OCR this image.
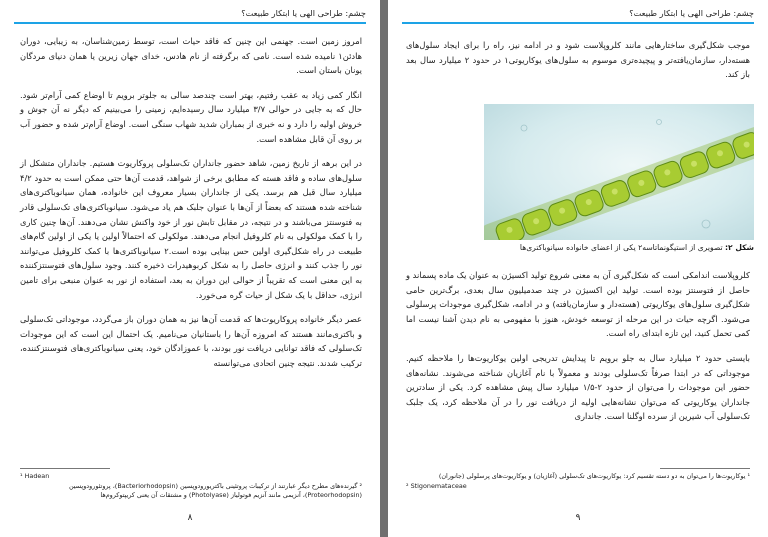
چشم: طراحی الهی یا ابتکار طبیعت؟

امروز زمین است. جهنمی این چنین که فاقد حیات است، توسط زمین‌شناسان، به زیبایی، دوران هادئن۱ نامیده شده است. نامی که برگرفته از نام هادس، خدای جهان زیرین یا همان دنیای مردگان یونان باستان است.

انگار کمی زیاد به عقب رفتیم، بهتر است چندصد سالی به جلوتر برویم تا اوضاع کمی آرام‌تر شود. حال که به جایی در حوالی ۳/۷ میلیارد سال رسیده‌ایم، زمینی را می‌بینیم که دیگر نه آن جوش و خروش اولیه را دارد و نه خبری از بمباران شدید شهاب سنگی است. اوضاع آرام‌تر شده و حضور آب بر روی آن قابل مشاهده است.

در این برهه از تاریخ زمین، شاهد حضور جانداران تک‌سلولی پروکاریوت هستیم. جانداران متشکل از سلول‌های ساده و فاقد هسته که مطابق برخی از شواهد، قدمت آن‌ها حتی ممکن است به حدود ۴/۲ میلیارد سال قبل هم برسد. یکی از جانداران بسیار معروف این خانواده، همان سیانوباکتری‌های شناخته شده هستند که بعضاً از آن‌ها با عنوان جلبک هم یاد می‌شود. سیانوباکتری‌های تک‌سلولی قادر به فتوسنتز می‌باشند و در نتیجه، در مقابل تابش نور از خود واکنش نشان می‌دهند. آن‌ها چنین کاری را با کمک مولکولی به نام کلروفیل انجام می‌دهند. مولکولی که احتمالاً اولین یا یکی از اولین گام‌های طبیعت در راه شکل‌گیری اولین حس بینایی بوده است.۲ سیانوباکتری‌ها با کمک کلروفیل می‌توانند نور را جذب کنند و انرژی حاصل را به شکل کربوهیدرات ذخیره کنند. وجود سلول‌های فتوسنتزکننده به این معنی است که تقریباً از حوالی این دوران به بعد، استفاده از نور به عنوان منبعی برای تامین انرژی، حداقل با یک شکل از حیات گره می‌خورد.

عصر دیگر خانواده پروکاریوت‌ها که قدمت آن‌ها نیز به همان دوران باز می‌گردد، موجوداتی تک‌سلولی و باکتری‌مانند هستند که امروزه آن‌ها را باستانیان می‌نامیم. یک احتمال این است که این موجودات تک‌سلولی که فاقد توانایی دریافت نور بودند، با عموزادگان خود، یعنی سیانوباکتری‌های فتوسنتزکننده، ترکیب شدند. نتیجه چنین اتحادی می‌توانسته

¹ Hadean
² گیرنده‌های مطرح دیگر عبارتند از ترکیبات پروتئینی باکتریورودوپسین (Bacteriorhodopsin)، پروتئورودوپسین (Proteorhodopsin)، آنزیمی مانند آنزیم فوتولیاز (Photolyase) و مشتقات آن یعنی کریپتوکروم‌ها
۸
چشم: طراحی الهی یا ابتکار طبیعت؟
موجب شکل‌گیری ساختارهایی مانند کلروپلاست شود و در ادامه نیز، راه را برای ایجاد سلول‌های هسته‌دار، سازمان‌یافته‌تر و پیچیده‌تری موسوم به سلول‌های یوکاریوتی۱ در حدود ۲ میلیارد سال بعد باز کند.
شکل ۲: تصویری از استیگونماتاسه۲ یکی از اعضای خانواده سیانوباکتری‌ها

کلروپلاست اندامکی است که شکل‌گیری آن به معنی شروع تولید اکسیژن به عنوان یک ماده پسماند و حاصل از فتوسنتز بوده است. تولید این اکسیژن در چند صدمیلیون سال بعدی، برگ‌ترین حامی شکل‌گیری سلول‌های یوکاریوتی (هسته‌دار و سازمان‌یافته) و در ادامه، شکل‌گیری موجودات پرسلولی می‌شود. اگرچه حیات در این مرحله از توسعه خودش، هنوز با مفهومی به نام دیدن آشنا نیست اما کمی تحمل کنید، این تازه ابتدای راه است.

بایستی حدود ۲ میلیارد سال به جلو برویم تا پیدایش تدریجی اولین یوکاریوت‌ها را ملاحظه کنیم. موجوداتی که در ابتدا صرفاً تک‌سلولی بودند و معمولاً با نام آغازیان شناخته می‌شوند. نشانه‌های حضور این موجودات را می‌توان از حدود ۲-۱/۵ میلیارد سال پیش مشاهده کرد. یکی از سادترین جانداران یوکاریوتی که می‌توان نشانه‌هایی اولیه از دریافت نور را در آن ملاحظه کرد، یک جلبک تک‌سلولی آب شیرین از سرده اوگلنا است. جانداری

¹ یوکاریوت‌ها را می‌توان به دو دسته تقسیم کرد: یوکاریوت‌های تک‌سلولی (آغازیان) و یوکاریوت‌های پرسلولی (جانوران)
² Stigonemataceae
۹
